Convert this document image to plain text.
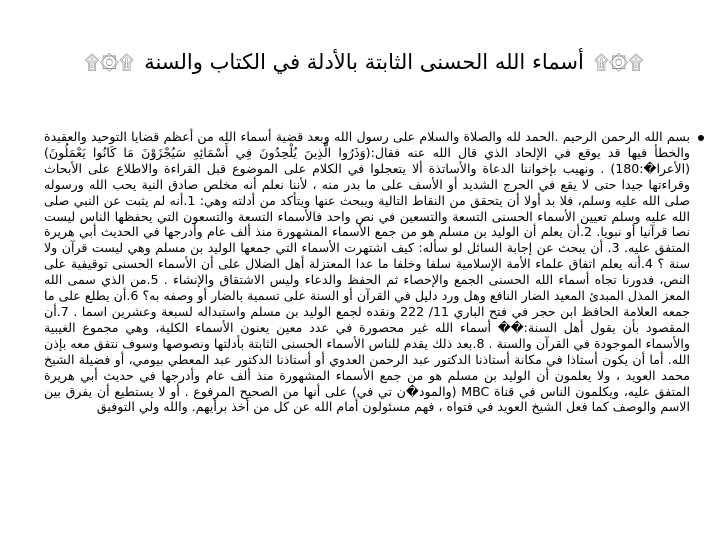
۩۞۩أسماء الله الحسنى الثابتة بالأدلة في الكتاب والسنة۩۞۩
بسم الله الرحمن الرحيم .الحمد لله والصلاة والسلام على رسول الله وبعد قضية أسماء الله من أعظم قضايا التوحيد والعقيدة والخطأ فيها قد يوقع في الإلحاد الذي قال الله عنه فقال:(وَذَرُوا الَّذِينَ يُلْحِدُونَ فِي أَسْمَائِهِ سَيُجْزَوْنَ مَا كَانُوا يَعْمَلُونَ) (الأعرا�:180) . ونهيب بإخواننا الدعاة والأساتذة ألا يتعجلوا في الكلام على الموضوع قبل القراءة والاطلاع على الأبحاث وقراءتها جيدا حتى لا يقع في الحرج الشديد أو الأسف على ما بدر منه ، لأننا نعلم أنه مخلص صادق النية يحب الله ورسوله صلى الله عليه وسلم، فلا بد أولا أن يتحقق من النقاط التالية ويبحث عنها ويتأكد من أدلته وهي: 1.أنه لم يثبت عن النبي صلى الله عليه وسلم تعيين الأسماء الحسنى التسعة والتسعين في نص واحد فالأسماء التسعة والتسعون التي يحفظها الناس ليست نصا قرآنيا أو نبويا. 2.أن يعلم أن الوليد بن مسلم هو من جمع الأسماء المشهورة منذ ألف عام وأدرجها في الحديث أبي هريرة المتفق عليه. 3. أن يبحث عن إجابة السائل لو سأله: كيف اشتهرت الأسماء التي جمعها الوليد بن مسلم وهي ليست قرآن ولا سنة ؟ 4.أنه يعلم اتفاق علماء الأمة الإسلامية سلفا وخلفا ما عدا المعتزلة أهل الضلال على أن الأسماء الحسنى توقيفية على النص، فدورنا تجاه أسماء الله الحسنى الجمع والإحصاء ثم الحفظ والدعاء وليس الاشتقاق والإنشاء . 5.من الذي سمى الله المعز المذل المبدئ المعيد الضار النافع وهل ورد دليل في القرآن أو السنة على تسمية بالضار أو وصفه به؟ 6.أن يطلع على ما جمعه العلامة الحافظ ابن حجر في فتح الباري 11/ 222 ونقده لجمع الوليد بن مسلم واستبداله لسبعة وعشرين اسما . 7.أن المقصود بأن يقول أهل السنة:�� أسماء الله غير محصورة في عدد معين يعنون الأسماء الكلية، وهي مجموع الغيبية والأسماء الموجودة في القرآن والسنة . 8.بعد ذلك يقدم للناس الأسماء الحسنى الثابتة بأدلتها ونصوصها وسوف نتفق معه بإذن الله. أما أن يكون أستاذا في مكانة أستاذنا الدكتور عبد الرحمن العدوي أو أستاذنا الدكتور عبد المعطي بيومي، أو فضيلة الشيخ محمد العويد ، ولا يعلمون أن الوليد بن مسلم هو من جمع الأسماء المشهورة منذ ألف عام وأدرجها في حديث أبي هريرة المتفق عليه، ويكلمون الناس في قناة MBC (والمود�ن تي في) على أنها من الصحيح المرفوع . أو لا يستطيع أن يفرق بين الاسم والوصف كما فعل الشيخ العويد في فتواه ، فهم مسئولون أمام الله عن كل من أخذ برأيهم. والله ولي التوفيق
